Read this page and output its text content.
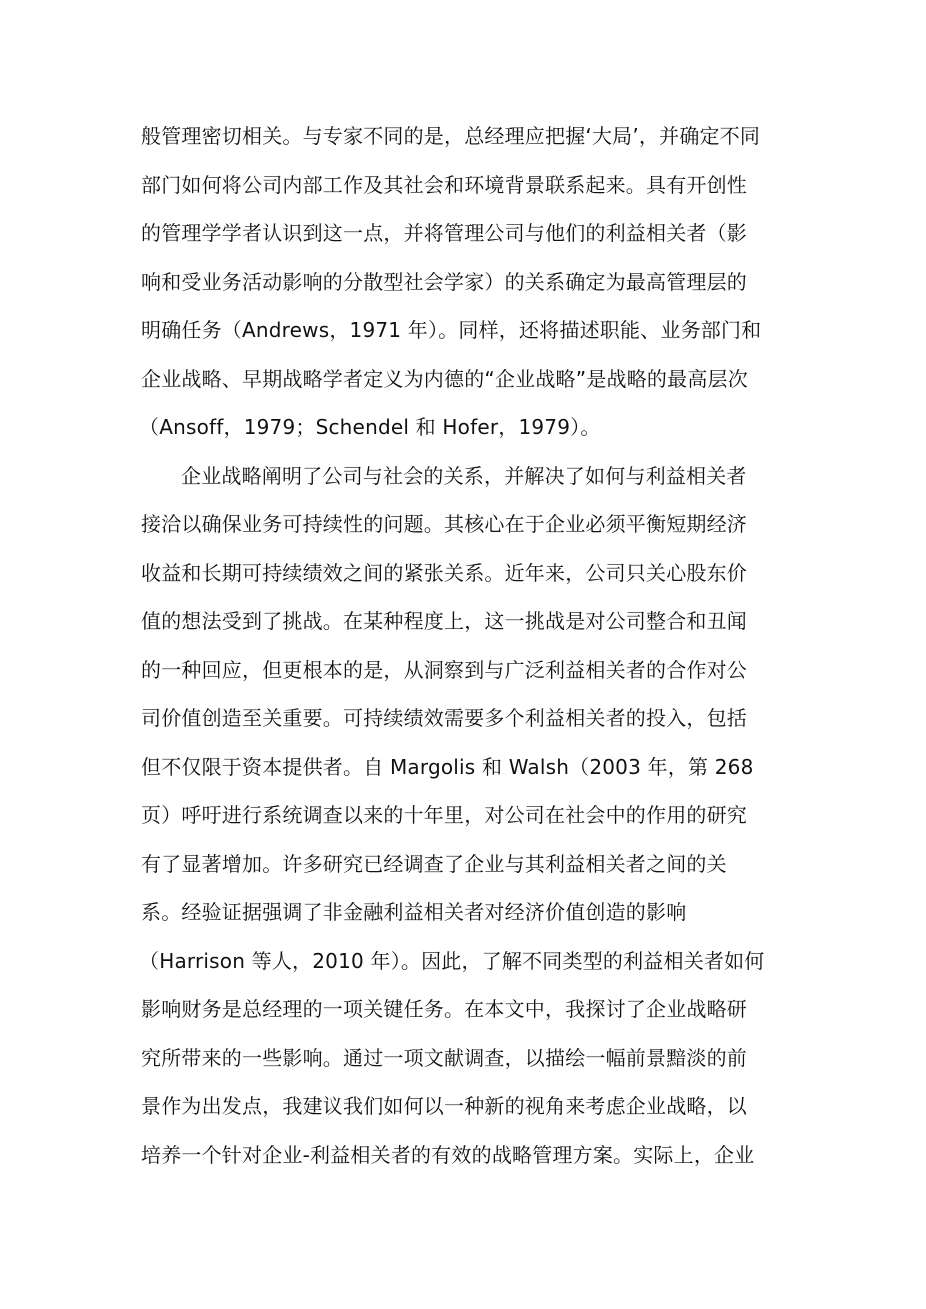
般管理密切相关。与专家不同的是，总经理应把握‘大局’，并确定不同
部门如何将公司内部工作及其社会和环境背景联系起来。具有开创性
的管理学学者认识到这一点，并将管理公司与他们的利益相关者（影
响和受业务活动影响的分散型社会学家）的关系确定为最高管理层的
明确任务（Andrews，1971 年）。同样，还将描述职能、业务部门和
企业战略、早期战略学者定义为内德的“企业战略”是战略的最高层次
（Ansoff，1979；Schendel 和 Hofer，1979）。
企业战略阐明了公司与社会的关系，并解决了如何与利益相关者
接洽以确保业务可持续性的问题。其核心在于企业必须平衡短期经济
收益和长期可持续绩效之间的紧张关系。近年来，公司只关心股东价
值的想法受到了挑战。在某种程度上，这一挑战是对公司整合和丑闻
的一种回应，但更根本的是，从洞察到与广泛利益相关者的合作对公
司价值创造至关重要。可持续绩效需要多个利益相关者的投入，包括
但不仅限于资本提供者。自 Margolis 和 Walsh（2003 年，第 268
页）呼吁进行系统调查以来的十年里，对公司在社会中的作用的研究
有了显著增加。许多研究已经调查了企业与其利益相关者之间的关
系。经验证据强调了非金融利益相关者对经济价值创造的影响
（Harrison 等人，2010 年）。因此，了解不同类型的利益相关者如何
影响财务是总经理的一项关键任务。在本文中，我探讨了企业战略研
究所带来的一些影响。通过一项文献调查，以描绘一幅前景黯淡的前
景作为出发点，我建议我们如何以一种新的视角来考虑企业战略，以
培养一个针对企业-利益相关者的有效的战略管理方案。实际上，企业
